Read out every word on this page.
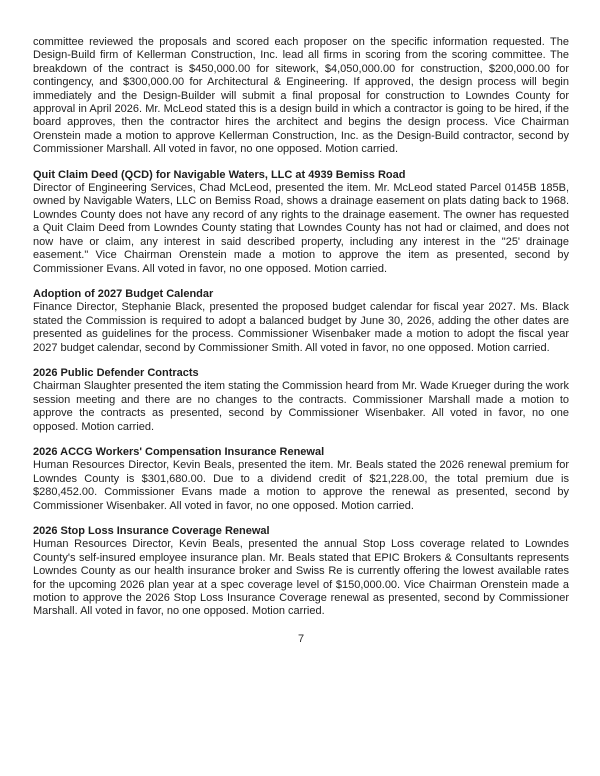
committee reviewed the proposals and scored each proposer on the specific information requested. The Design-Build firm of Kellerman Construction, Inc. lead all firms in scoring from the scoring committee. The breakdown of the contract is $450,000.00 for sitework, $4,050,000.00 for construction, $200,000.00 for contingency, and $300,000.00 for Architectural & Engineering. If approved, the design process will begin immediately and the Design-Builder will submit a final proposal for construction to Lowndes County for approval in April 2026. Mr. McLeod stated this is a design build in which a contractor is going to be hired, if the board approves, then the contractor hires the architect and begins the design process. Vice Chairman Orenstein made a motion to approve Kellerman Construction, Inc. as the Design-Build contractor, second by Commissioner Marshall. All voted in favor, no one opposed. Motion carried.

Quit Claim Deed (QCD) for Navigable Waters, LLC at 4939 Bemiss Road

Director of Engineering Services, Chad McLeod, presented the item. Mr. McLeod stated Parcel 0145B 185B, owned by Navigable Waters, LLC on Bemiss Road, shows a drainage easement on plats dating back to 1968. Lowndes County does not have any record of any rights to the drainage easement. The owner has requested a Quit Claim Deed from Lowndes County stating that Lowndes County has not had or claimed, and does not now have or claim, any interest in said described property, including any interest in the "25' drainage easement." Vice Chairman Orenstein made a motion to approve the item as presented, second by Commissioner Evans. All voted in favor, no one opposed. Motion carried.

Adoption of 2027 Budget Calendar

Finance Director, Stephanie Black, presented the proposed budget calendar for fiscal year 2027. Ms. Black stated the Commission is required to adopt a balanced budget by June 30, 2026, adding the other dates are presented as guidelines for the process. Commissioner Wisenbaker made a motion to adopt the fiscal year 2027 budget calendar, second by Commissioner Smith. All voted in favor, no one opposed. Motion carried.

2026 Public Defender Contracts

Chairman Slaughter presented the item stating the Commission heard from Mr. Wade Krueger during the work session meeting and there are no changes to the contracts. Commissioner Marshall made a motion to approve the contracts as presented, second by Commissioner Wisenbaker. All voted in favor, no one opposed. Motion carried.

2026 ACCG Workers' Compensation Insurance Renewal

Human Resources Director, Kevin Beals, presented the item. Mr. Beals stated the 2026 renewal premium for Lowndes County is $301,680.00. Due to a dividend credit of $21,228.00, the total premium due is $280,452.00. Commissioner Evans made a motion to approve the renewal as presented, second by Commissioner Wisenbaker. All voted in favor, no one opposed. Motion carried.

2026 Stop Loss Insurance Coverage Renewal

Human Resources Director, Kevin Beals, presented the annual Stop Loss coverage related to Lowndes County's self-insured employee insurance plan. Mr. Beals stated that EPIC Brokers & Consultants represents Lowndes County as our health insurance broker and Swiss Re is currently offering the lowest available rates for the upcoming 2026 plan year at a spec coverage level of $150,000.00. Vice Chairman Orenstein made a motion to approve the 2026 Stop Loss Insurance Coverage renewal as presented, second by Commissioner Marshall. All voted in favor, no one opposed. Motion carried.

7
